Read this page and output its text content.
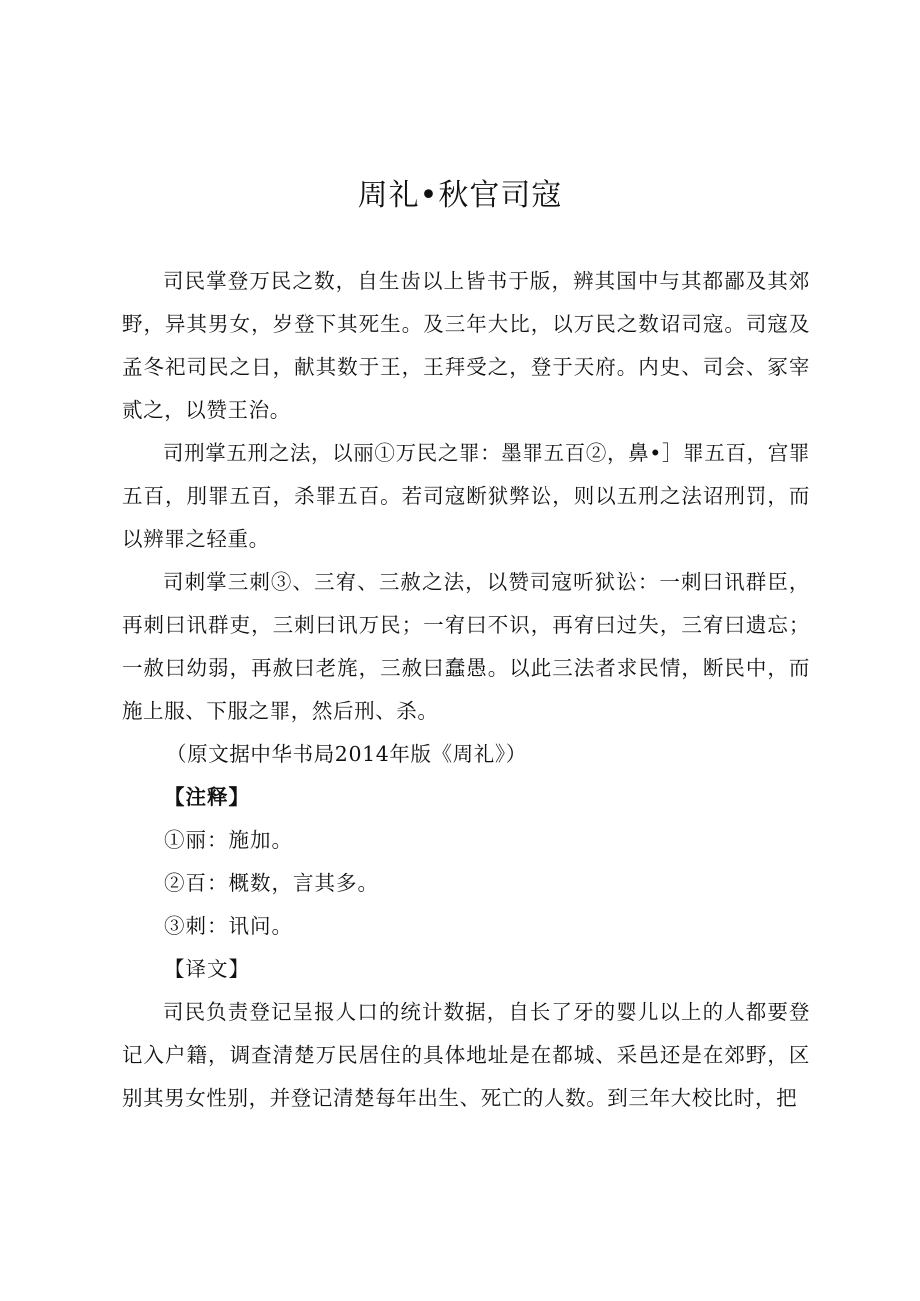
周礼•秋官司寇

司民掌登万民之数，自生齿以上皆书于版，辨其国中与其都鄙及其郊野，异其男女，岁登下其死生。及三年大比，以万民之数诏司寇。司寇及孟冬祀司民之日，献其数于王，王拜受之，登于天府。内史、司会、冢宰贰之，以赞王治。

司刑掌五刑之法，以丽①万民之罪：墨罪五百②，鼻•］罪五百，宫罪五百，刖罪五百，杀罪五百。若司寇断狱弊讼，则以五刑之法诏刑罚，而以辨罪之轻重。

司刺掌三刺③、三宥、三赦之法，以赞司寇听狱讼：一刺曰讯群臣，再刺曰讯群吏，三刺曰讯万民；一宥曰不识，再宥曰过失，三宥曰遗忘；一赦曰幼弱，再赦曰老旄，三赦曰蠢愚。以此三法者求民情，断民中，而施上服、下服之罪，然后刑、杀。

（原文据中华书局2014年版《周礼》）

【注释】

①丽：施加。

②百：概数，言其多。

③刺：讯问。

【译文】

司民负责登记呈报人口的统计数据，自长了牙的婴儿以上的人都要登记入户籍，调查清楚万民居住的具体地址是在都城、采邑还是在郊野，区别其男女性别，并登记清楚每年出生、死亡的人数。到三年大校比时，把
